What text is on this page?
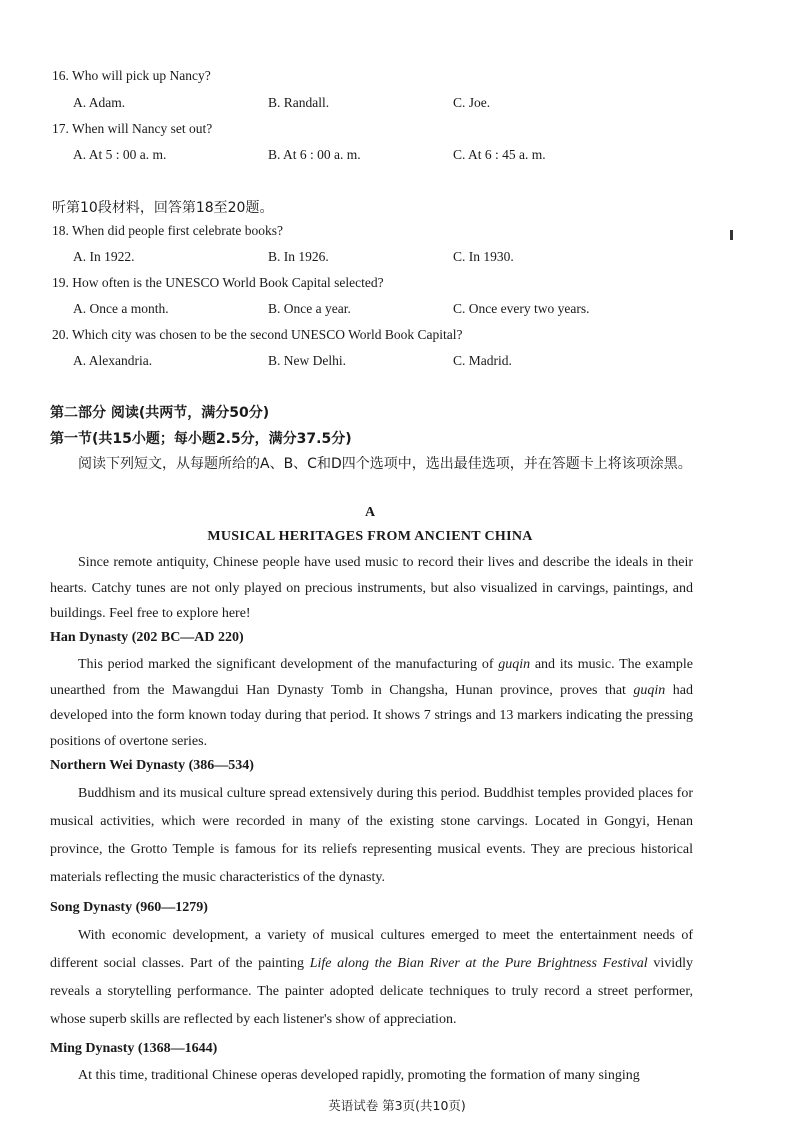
16. Who will pick up Nancy?
A. Adam.	B. Randall.	C. Joe.
17. When will Nancy set out?
A. At 5 : 00 a. m.	B. At 6 : 00 a. m.	C. At 6 : 45 a. m.
听第10段材料，回答第18至20题。
18. When did people first celebrate books?
A. In 1922.	B. In 1926.	C. In 1930.
19. How often is the UNESCO World Book Capital selected?
A. Once a month.	B. Once a year.	C. Once every two years.
20. Which city was chosen to be the second UNESCO World Book Capital?
A. Alexandria.	B. New Delhi.	C. Madrid.
第二部分 阅读(共两节，满分50分)
第一节(共15小题；每小题2.5分，满分37.5分)
阅读下列短文，从每题所给的A、B、C和D四个选项中，选出最佳选项，并在答题卡上将该项涂黑。
A
MUSICAL HERITAGES FROM ANCIENT CHINA
Since remote antiquity, Chinese people have used music to record their lives and describe the ideals in their hearts. Catchy tunes are not only played on precious instruments, but also visualized in carvings, paintings, and buildings. Feel free to explore here!
Han Dynasty (202 BC—AD 220)
This period marked the significant development of the manufacturing of guqin and its music. The example unearthed from the Mawangdui Han Dynasty Tomb in Changsha, Hunan province, proves that guqin had developed into the form known today during that period. It shows 7 strings and 13 markers indicating the pressing positions of overtone series.
Northern Wei Dynasty (386—534)
Buddhism and its musical culture spread extensively during this period. Buddhist temples provided places for musical activities, which were recorded in many of the existing stone carvings. Located in Gongyi, Henan province, the Grotto Temple is famous for its reliefs representing musical events. They are precious historical materials reflecting the music characteristics of the dynasty.
Song Dynasty (960—1279)
With economic development, a variety of musical cultures emerged to meet the entertainment needs of different social classes. Part of the painting Life along the Bian River at the Pure Brightness Festival vividly reveals a storytelling performance. The painter adopted delicate techniques to truly record a street performer, whose superb skills are reflected by each listener's show of appreciation.
Ming Dynasty (1368—1644)
At this time, traditional Chinese operas developed rapidly, promoting the formation of many singing
英语试卷 第3页(共10页)
